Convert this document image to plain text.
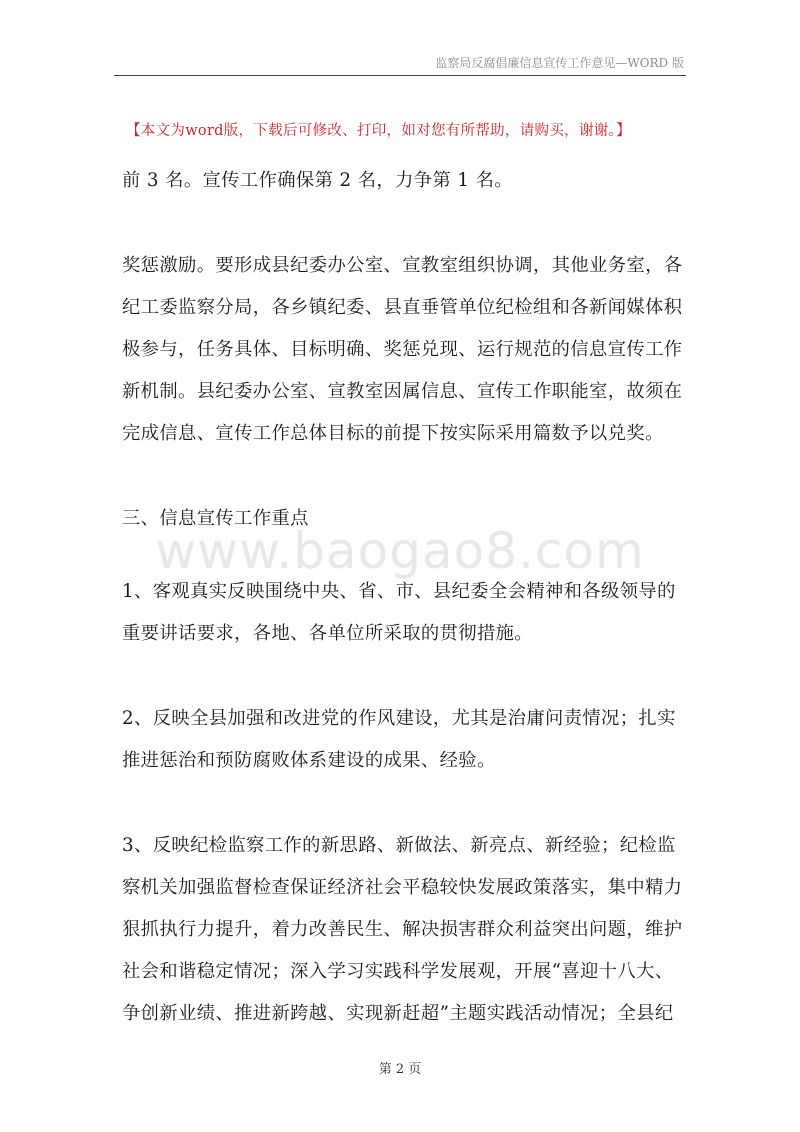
监察局反腐倡廉信息宣传工作意见—WORD 版
【本文为word版，下载后可修改、打印，如对您有所帮助，请购买，谢谢。】
www.baogao8.com

前 3 名。宣传工作确保第 2 名，力争第 1 名。

奖惩激励。要形成县纪委办公室、宣教室组织协调，其他业务室，各
纪工委监察分局，各乡镇纪委、县直垂管单位纪检组和各新闻媒体积
极参与，任务具体、目标明确、奖惩兑现、运行规范的信息宣传工作
新机制。县纪委办公室、宣教室因属信息、宣传工作职能室，故须在
完成信息、宣传工作总体目标的前提下按实际采用篇数予以兑奖。

三、信息宣传工作重点

1、客观真实反映围绕中央、省、市、县纪委全会精神和各级领导的
重要讲话要求，各地、各单位所采取的贯彻措施。

2、反映全县加强和改进党的作风建设，尤其是治庸问责情况；扎实
推进惩治和预防腐败体系建设的成果、经验。

3、反映纪检监察工作的新思路、新做法、新亮点、新经验；纪检监
察机关加强监督检查保证经济社会平稳较快发展政策落实，集中精力
狠抓执行力提升，着力改善民生、解决损害群众利益突出问题，维护
社会和谐稳定情况；深入学习实践科学发展观，开展“喜迎十八大、
争创新业绩、推进新跨越、实现新赶超”主题实践活动情况；全县纪

第 2 页
